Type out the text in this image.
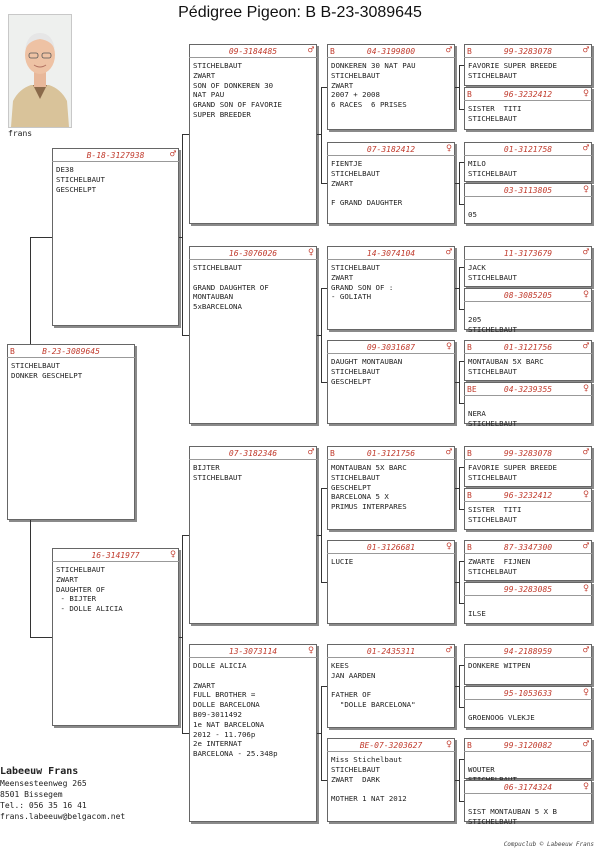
Pédigree Pigeon: B B-23-3089645
frans
B	B-23-3089645
STICHELBAUT
DONKER GESCHELPT
B-18-3127938	♂
DE38
STICHELBAUT
GESCHELPT
16-3141977	♀
STICHELBAUT
ZWART
DAUGHTER OF
- BIJTER
- DOLLE ALICIA
09-3184485	♂
STICHELBAUT
ZWART
SON OF DONKEREN 30
NAT PAU
GRAND SON OF FAVORIE
SUPER BREEDER
16-3076026	♀
STICHELBAUT
GRAND DAUGHTER OF
MONTAUBAN
5xBARCELONA
07-3182346	♂
BIJTER
STICHELBAUT
13-3073114	♀
DOLLE ALICIA
ZWART
FULL BROTHER =
DOLLE BARCELONA
B09-3011492
1e NAT BARCELONA
2012 - 11.706p
2e INTERNAT
BARCELONA - 25.348p
B	04-3199800	♂
DONKEREN 30 NAT PAU
STICHELBAUT
ZWART
2007 + 2008
6 RACES  6 PRISES
07-3182412	♀
FIENTJE
STICHELBAUT
ZWART
F GRAND DAUGHTER
14-3074104	♂
STICHELBAUT
ZWART
GRAND SON OF :
- GOLIATH
09-3031687	♀
DAUGHT MONTAUBAN
STICHELBAUT
GESCHELPT
B	01-3121756	♂
MONTAUBAN 5X BARC
STICHELBAUT
GESCHELPT
BARCELONA 5 X
PRIMUS INTERPARES
01-3126681	♀
LUCIE
01-2435311	♂
KEES
JAN AARDEN
FATHER OF
"DOLLE BARCELONA"
BE-07-3203627 ♀
Miss Stichelbaut
STICHELBAUT
ZWART  DARK
MOTHER 1 NAT 2012
B	99-3283078	♂
FAVORIE SUPER BREEDE
STICHELBAUT
B	96-3232412	♀
SISTER  TITI
STICHELBAUT
01-3121758	♂
MILO
STICHELBAUT
03-3113805	♀
05
11-3173679	♂
JACK
STICHELBAUT
08-3085205	♀
205
STICHELBAUT
B	01-3121756	♂
MONTAUBAN 5X BARC
STICHELBAUT
BE	04-3239355	♀
NERA
STICHELBAUT
B	99-3283078	♂
FAVORIE SUPER BREEDE
STICHELBAUT
B	96-3232412	♀
SISTER  TITI
STICHELBAUT
B	87-3347300	♂
ZWARTE  FIJNEN
STICHELBAUT
99-3283085	♀
ILSE
94-2188959	♂
DONKERE WITPEN
95-1053633	♀
GROENOOG VLEKJE
B	99-3120082	♂
WOUTER
06-3174324	♀
SIST MONTAUBAN 5 X B
STICHELBAUT
Labeeuw Frans
Meensesteenweg 265
8501 Bissegem
Tel.: 056 35 16 41
frans.labeeuw@belgacom.net
Compuclub © Labeeuw Frans
